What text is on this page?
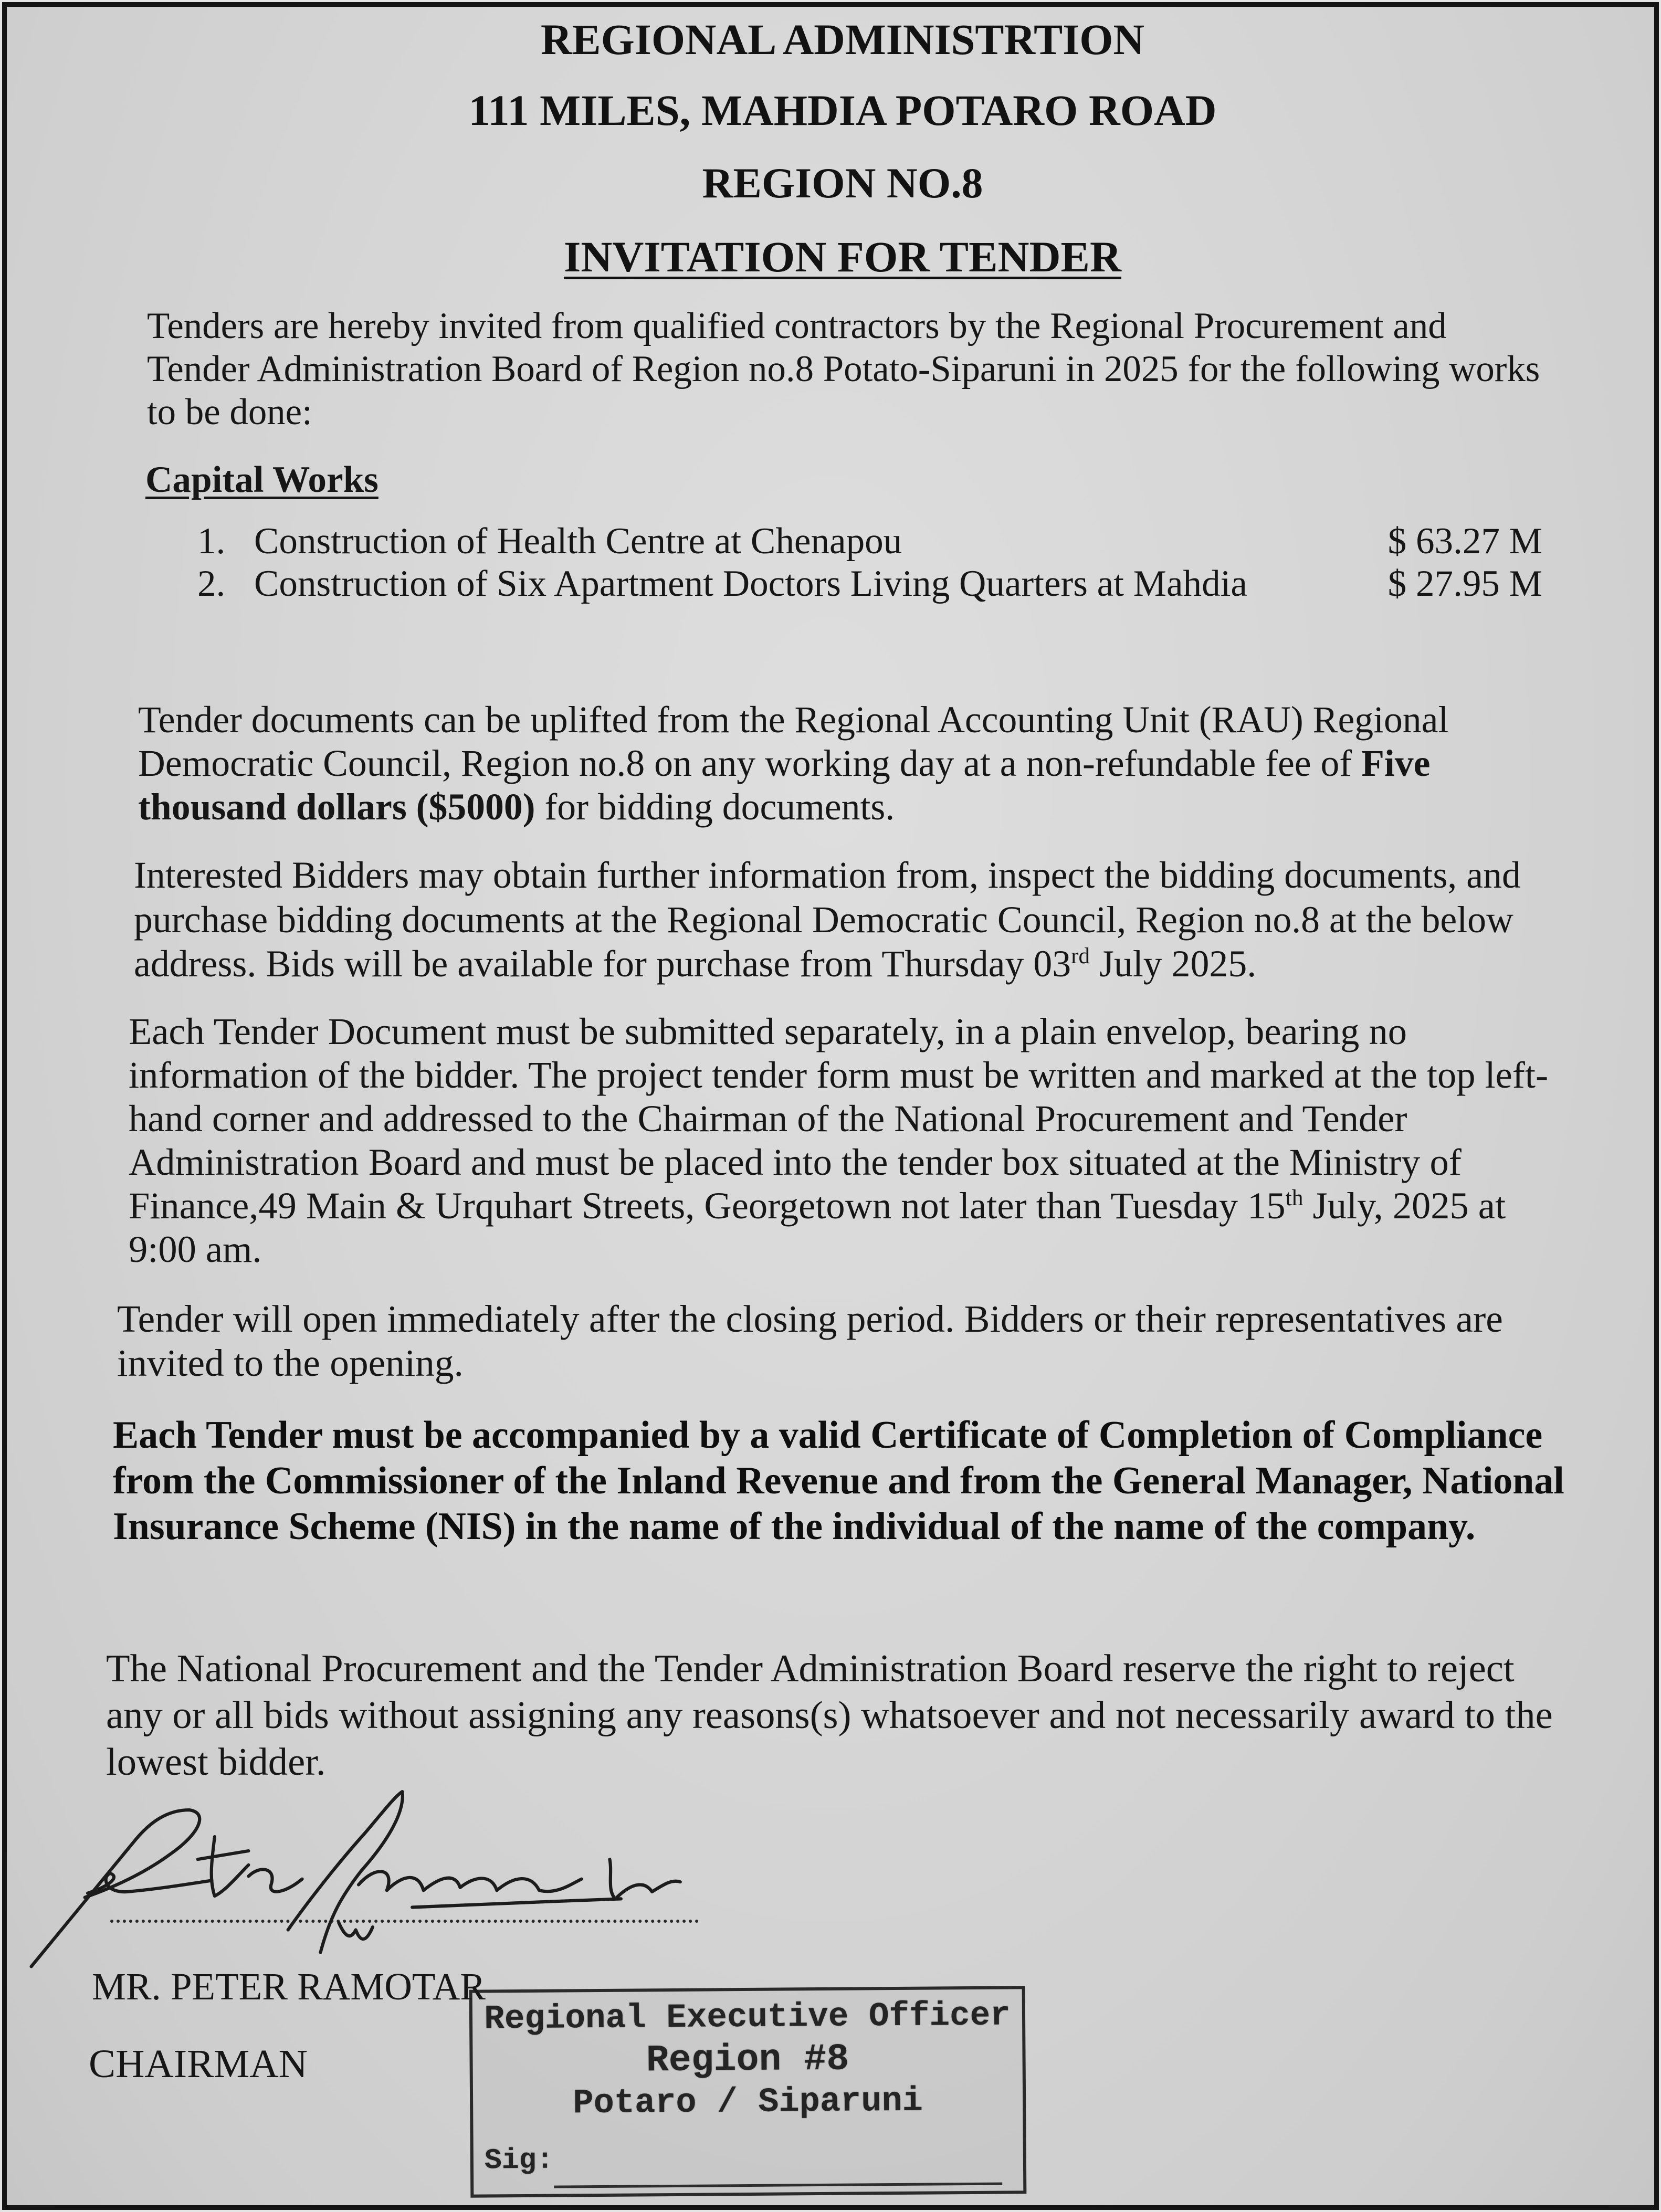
REGIONAL ADMINISTRTION
111 MILES, MAHDIA POTARO ROAD
REGION NO.8
INVITATION FOR TENDER
Tenders are hereby invited from qualified contractors by the Regional Procurement and
Tender Administration Board of Region no.8 Potato-Siparuni in 2025 for the following works
to be done:
Capital Works
1. Construction of Health Centre at Chenapou	$ 63.27 M
2. Construction of Six Apartment Doctors Living Quarters at Mahdia	$ 27.95 M
Tender documents can be uplifted from the Regional Accounting Unit (RAU) Regional
Democratic Council, Region no.8 on any working day at a non-refundable fee of Five
thousand dollars ($5000) for bidding documents.
Interested Bidders may obtain further information from, inspect the bidding documents, and
purchase bidding documents at the Regional Democratic Council, Region no.8 at the below
address. Bids will be available for purchase from Thursday 03rd July 2025.
Each Tender Document must be submitted separately, in a plain envelop, bearing no
information of the bidder. The project tender form must be written and marked at the top left-
hand corner and addressed to the Chairman of the National Procurement and Tender
Administration Board and must be placed into the tender box situated at the Ministry of
Finance,49 Main & Urquhart Streets, Georgetown not later than Tuesday 15th July, 2025 at
9:00 am.
Tender will open immediately after the closing period. Bidders or their representatives are
invited to the opening.
Each Tender must be accompanied by a valid Certificate of Completion of Compliance
from the Commissioner of the Inland Revenue and from the General Manager, National
Insurance Scheme (NIS) in the name of the individual of the name of the company.
The National Procurement and the Tender Administration Board reserve the right to reject
any or all bids without assigning any reasons(s) whatsoever and not necessarily award to the
lowest bidder.
MR. PETER RAMOTAR
CHAIRMAN
Regional Executive Officer
Region #8
Potaro / Siparuni
Sig:
